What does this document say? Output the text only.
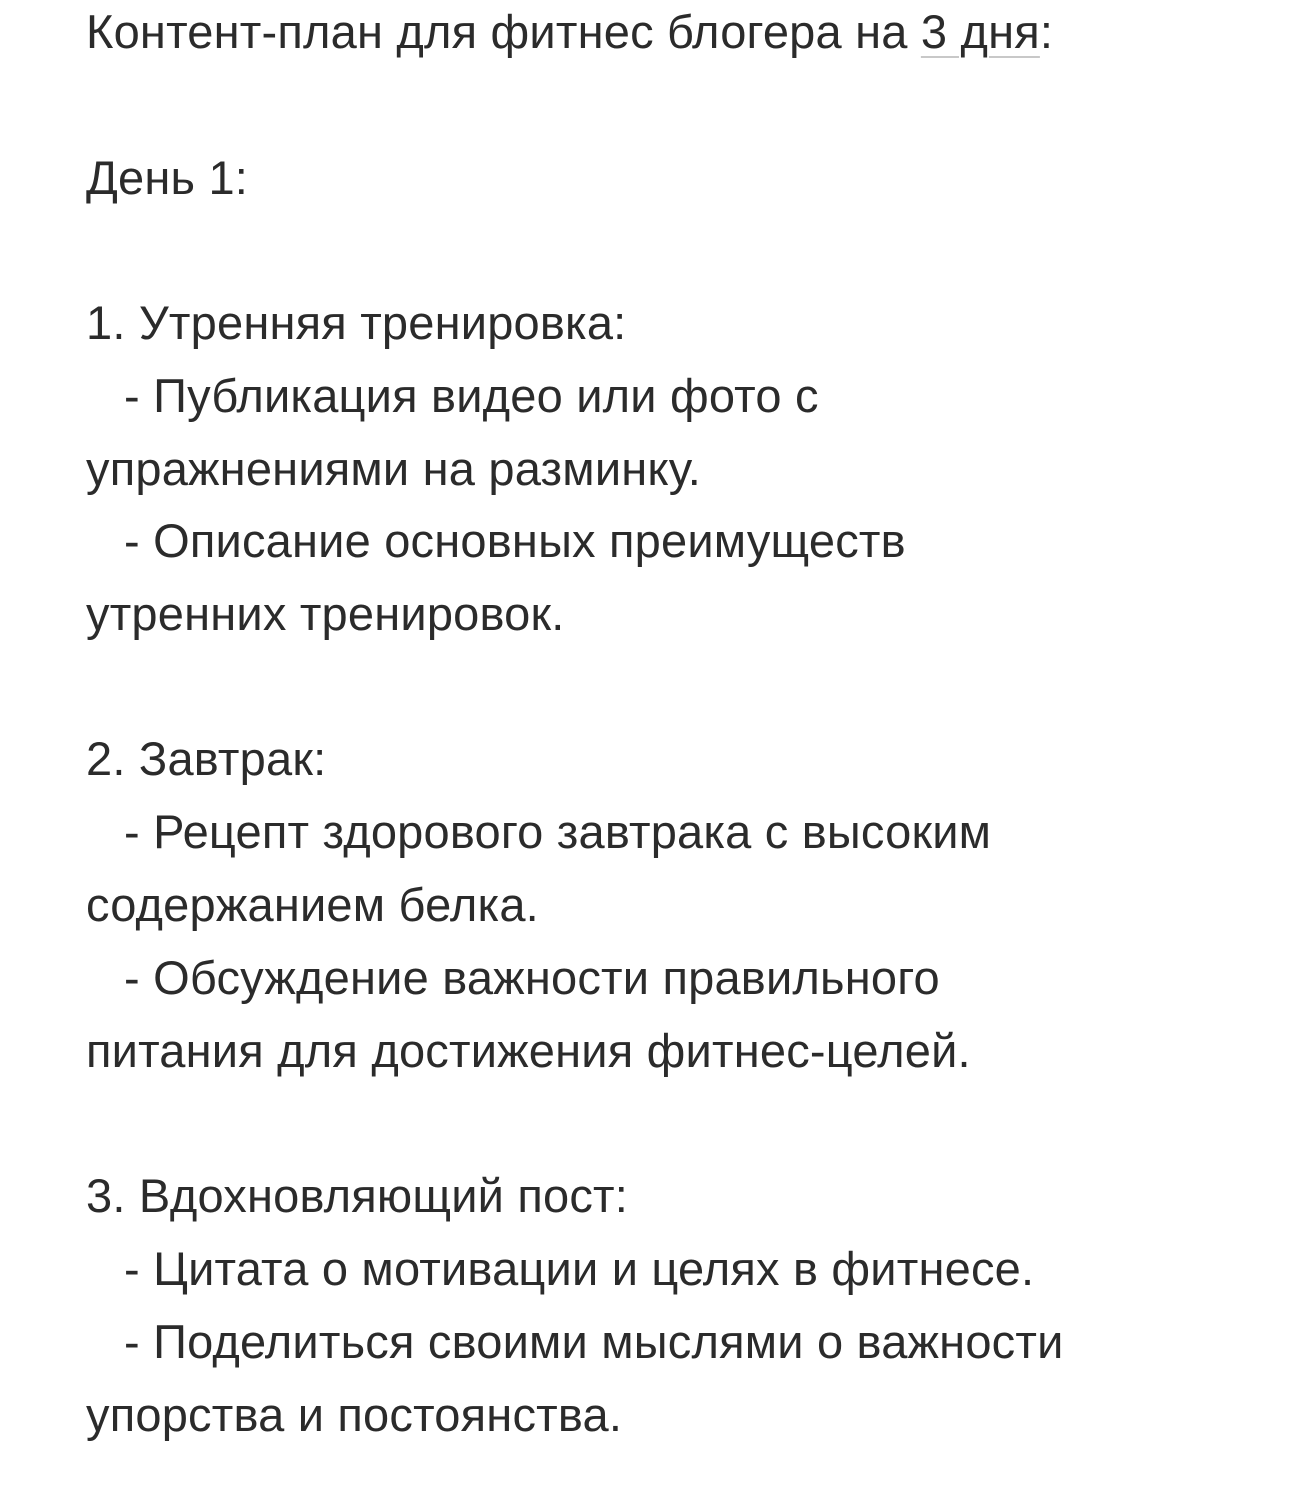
Контент-план для фитнес блогера на 3 дня:
День 1:
1. Утренняя тренировка:
- Публикация видео или фото с
упражнениями на разминку.
- Описание основных преимуществ
утренних тренировок.
2. Завтрак:
- Рецепт здорового завтрака с высоким
содержанием белка.
- Обсуждение важности правильного
питания для достижения фитнес-целей.
3. Вдохновляющий пост:
- Цитата о мотивации и целях в фитнесе.
- Поделиться своими мыслями о важности
упорства и постоянства.
